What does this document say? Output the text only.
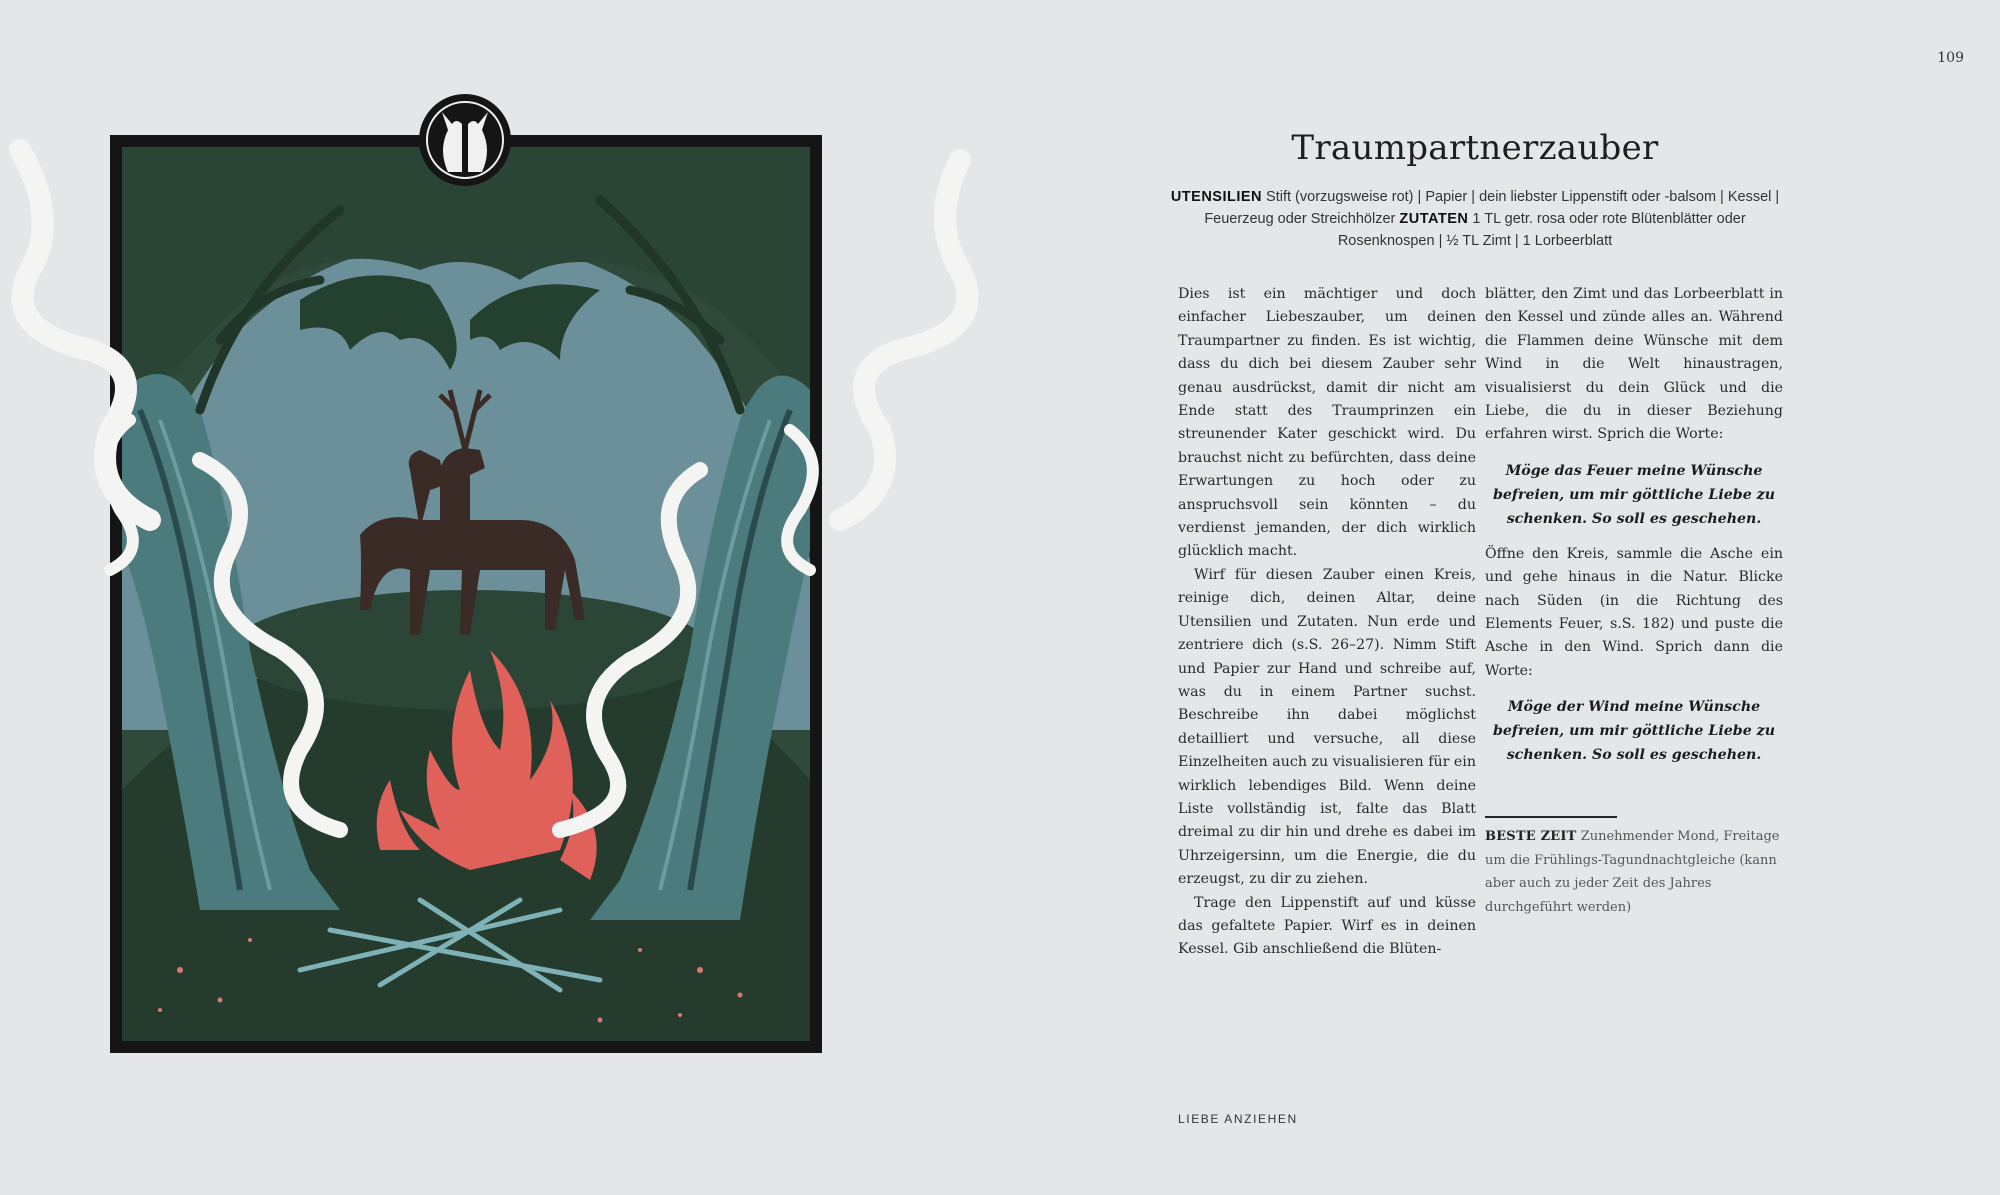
109
Traumpartnerzauber
UTENSILIEN Stift (vorzugsweise rot) | Papier | dein liebster Lippenstift oder -balsom | Kessel | Feuerzeug oder Streichhölzer ZUTATEN 1 TL getr. rosa oder rote Blütenblätter oder Rosenknospen | ½ TL Zimt | 1 Lorbeerblatt

Dies ist ein mächtiger und doch einfacher Liebeszauber, um deinen Traumpartner zu finden. Es ist wichtig, dass du dich bei diesem Zauber sehr genau ausdrückst, damit dir nicht am Ende statt des Traumprinzen ein streunender Kater geschickt wird. Du brauchst nicht zu befürchten, dass deine Erwartungen zu hoch oder zu anspruchsvoll sein könnten – du verdienst jemanden, der dich wirklich glücklich macht.

Wirf für diesen Zauber einen Kreis, reinige dich, deinen Altar, deine Utensilien und Zutaten. Nun erde und zentriere dich (s.S. 26–27). Nimm Stift und Papier zur Hand und schreibe auf, was du in einem Partner suchst. Beschreibe ihn dabei möglichst detailliert und versuche, all diese Einzelheiten auch zu visualisieren für ein wirklich lebendiges Bild. Wenn deine Liste vollständig ist, falte das Blatt dreimal zu dir hin und drehe es dabei im Uhrzeigersinn, um die Energie, die du erzeugst, zu dir zu ziehen.

Trage den Lippenstift auf und küsse das gefaltete Papier. Wirf es in deinen Kessel. Gib anschließend die Blüten-

blätter, den Zimt und das Lorbeerblatt in den Kessel und zünde alles an. Während die Flammen deine Wünsche mit dem Wind in die Welt hinaustragen, visualisierst du dein Glück und die Liebe, die du in dieser Beziehung erfahren wirst. Sprich die Worte:

Möge das Feuer meine Wünsche befreien, um mir göttliche Liebe zu schenken. So soll es geschehen.

Öffne den Kreis, sammle die Asche ein und gehe hinaus in die Natur. Blicke nach Süden (in die Richtung des Elements Feuer, s.S. 182) und puste die Asche in den Wind. Sprich dann die Worte:

Möge der Wind meine Wünsche befreien, um mir göttliche Liebe zu schenken. So soll es geschehen.

BESTE ZEIT Zunehmender Mond, Freitage um die Frühlings-Tagundnachtgleiche (kann aber auch zu jeder Zeit des Jahres durchgeführt werden)
LIEBE ANZIEHEN
